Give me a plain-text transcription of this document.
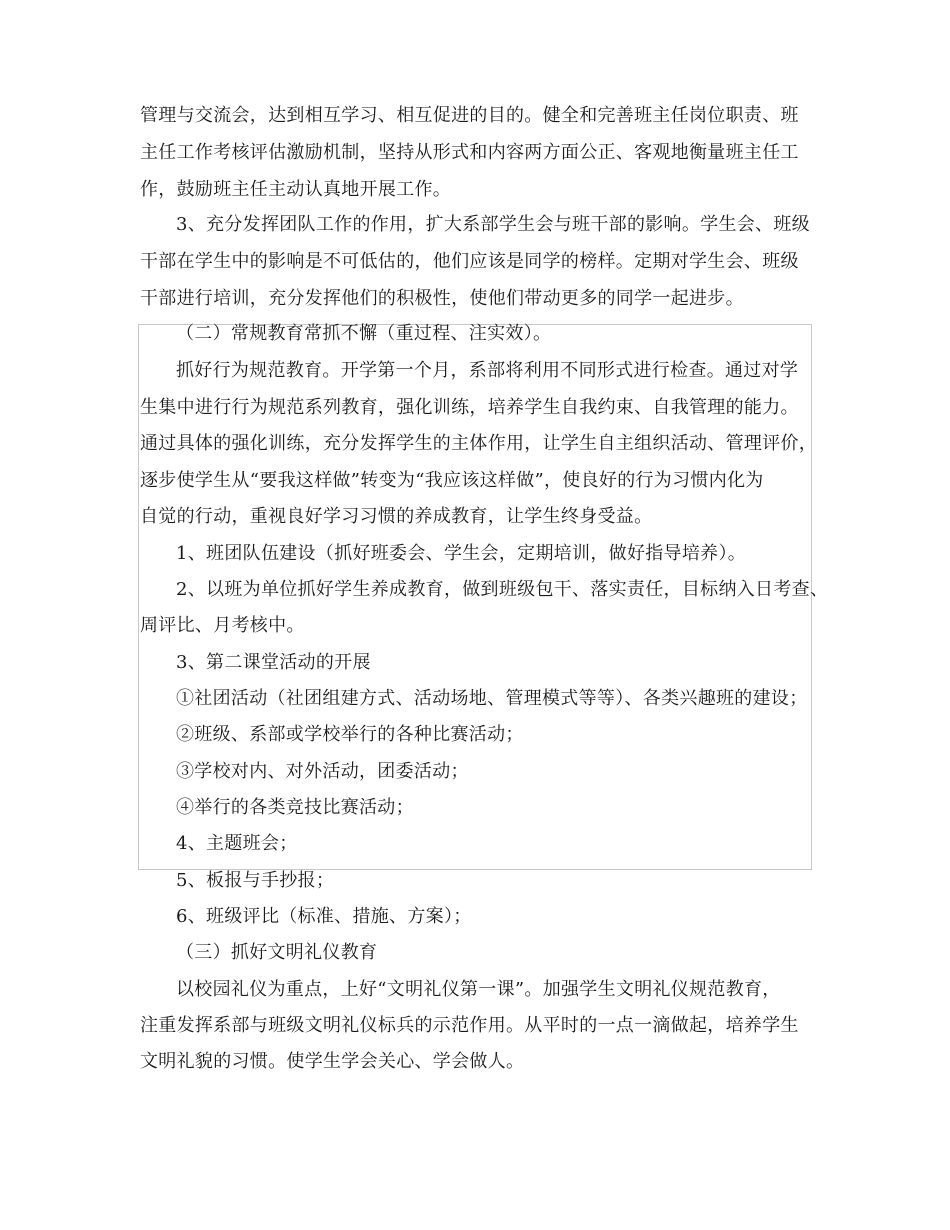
管理与交流会，达到相互学习、相互促进的目的。健全和完善班主任岗位职责、班
主任工作考核评估激励机制，坚持从形式和内容两方面公正、客观地衡量班主任工
作，鼓励班主任主动认真地开展工作。
3、充分发挥团队工作的作用，扩大系部学生会与班干部的影响。学生会、班级
干部在学生中的影响是不可低估的，他们应该是同学的榜样。定期对学生会、班级
干部进行培训，充分发挥他们的积极性，使他们带动更多的同学一起进步。
（二）常规教育常抓不懈（重过程、注实效）。
抓好行为规范教育。开学第一个月，系部将利用不同形式进行检查。通过对学
生集中进行行为规范系列教育，强化训练，培养学生自我约束、自我管理的能力。
通过具体的强化训练，充分发挥学生的主体作用，让学生自主组织活动、管理评价，
逐步使学生从“要我这样做”转变为“我应该这样做”，使良好的行为习惯内化为
自觉的行动，重视良好学习习惯的养成教育，让学生终身受益。
1、班团队伍建设（抓好班委会、学生会，定期培训，做好指导培养）。
2、以班为单位抓好学生养成教育，做到班级包干、落实责任，目标纳入日考查、
周评比、月考核中。
3、第二课堂活动的开展
①社团活动（社团组建方式、活动场地、管理模式等等）、各类兴趣班的建设；
②班级、系部或学校举行的各种比赛活动；
③学校对内、对外活动，团委活动；
④举行的各类竞技比赛活动；
4、主题班会；
5、板报与手抄报；
6、班级评比（标准、措施、方案）；
（三）抓好文明礼仪教育
以校园礼仪为重点，上好“文明礼仪第一课”。加强学生文明礼仪规范教育，
注重发挥系部与班级文明礼仪标兵的示范作用。从平时的一点一滴做起，培养学生
文明礼貌的习惯。使学生学会关心、学会做人。
